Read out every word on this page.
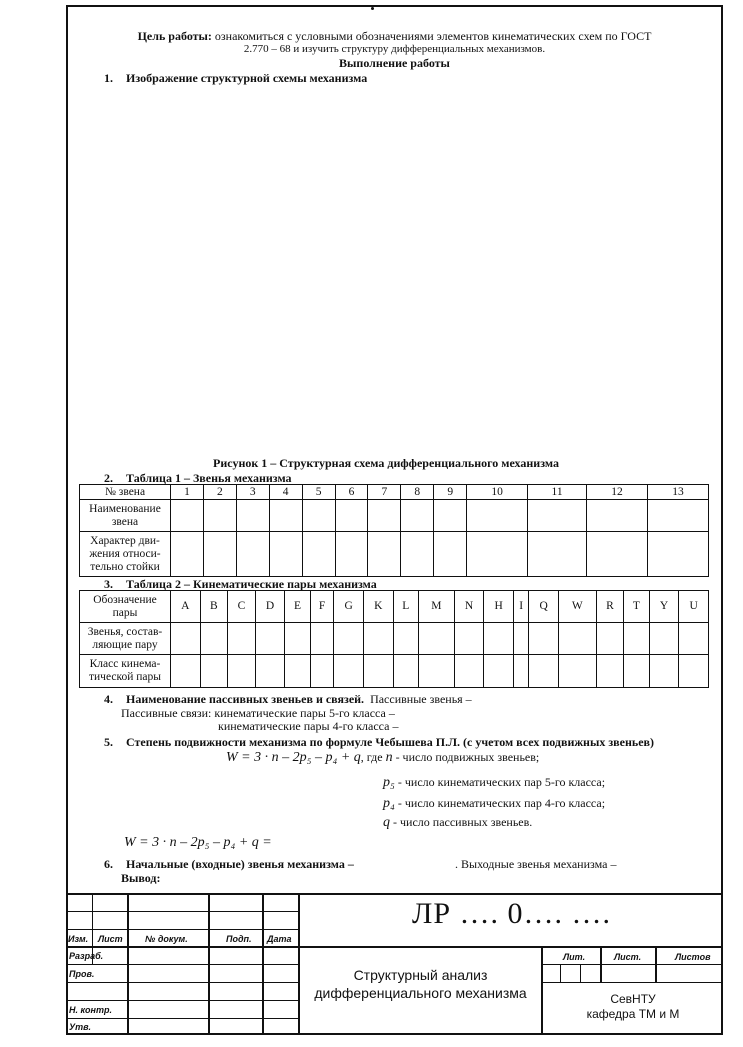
Цель работы: ознакомиться с условными обозначениями элементов кинематических схем по ГОСТ
2.770 – 68 и изучить структуру дифференциальных механизмов.
Выполнение работы
1. Изображение структурной схемы механизма
Рисунок 1 – Структурная схема дифференциального механизма
2. Таблица 1 – Звенья механизма
№ звена	1	2	3	4	5	6	7	8	9	10	11	12	13
Наименование
звена													
Характер дви-
жения относи-
тельно стойки													
3. Таблица 2 – Кинематические пары механизма
Обозначение
пары	A	B	C	D	E	F	G	K	L	M	N	H	I	Q	W	R	T	Y	U
Звенья, состав-
ляющие пару																			
Класс кинема-
тической пары																			
4. Наименование пассивных звеньев и связей. Пассивные звенья –
Пассивные связи: кинематические пары 5-го класса –
кинематические пары 4-го класса –
5. Степень подвижности механизма по формуле Чебышева П.Л. (с учетом всех подвижных звеньев)
W = 3 · n – 2p₅ – p₄ + q, где n - число подвижных звеньев;
p₅ - число кинематических пар 5-го класса;
p₄ - число кинематических пар 4-го класса;
q - число пассивных звеньев.
W = 3 · n – 2p₅ – p₄ + q =
6. Начальные (входные) звенья механизма –	. Выходные звенья механизма –
Вывод:
ЛР …. 0…. ….
Изм. Лист № докум.	Подп. Дата
Разраб.
Пров.
Н. контр.
Утв.
Структурный анализ
дифференциального механизма
Лит.	Лист.	Листов
СевНТУ
кафедра ТМ и М
